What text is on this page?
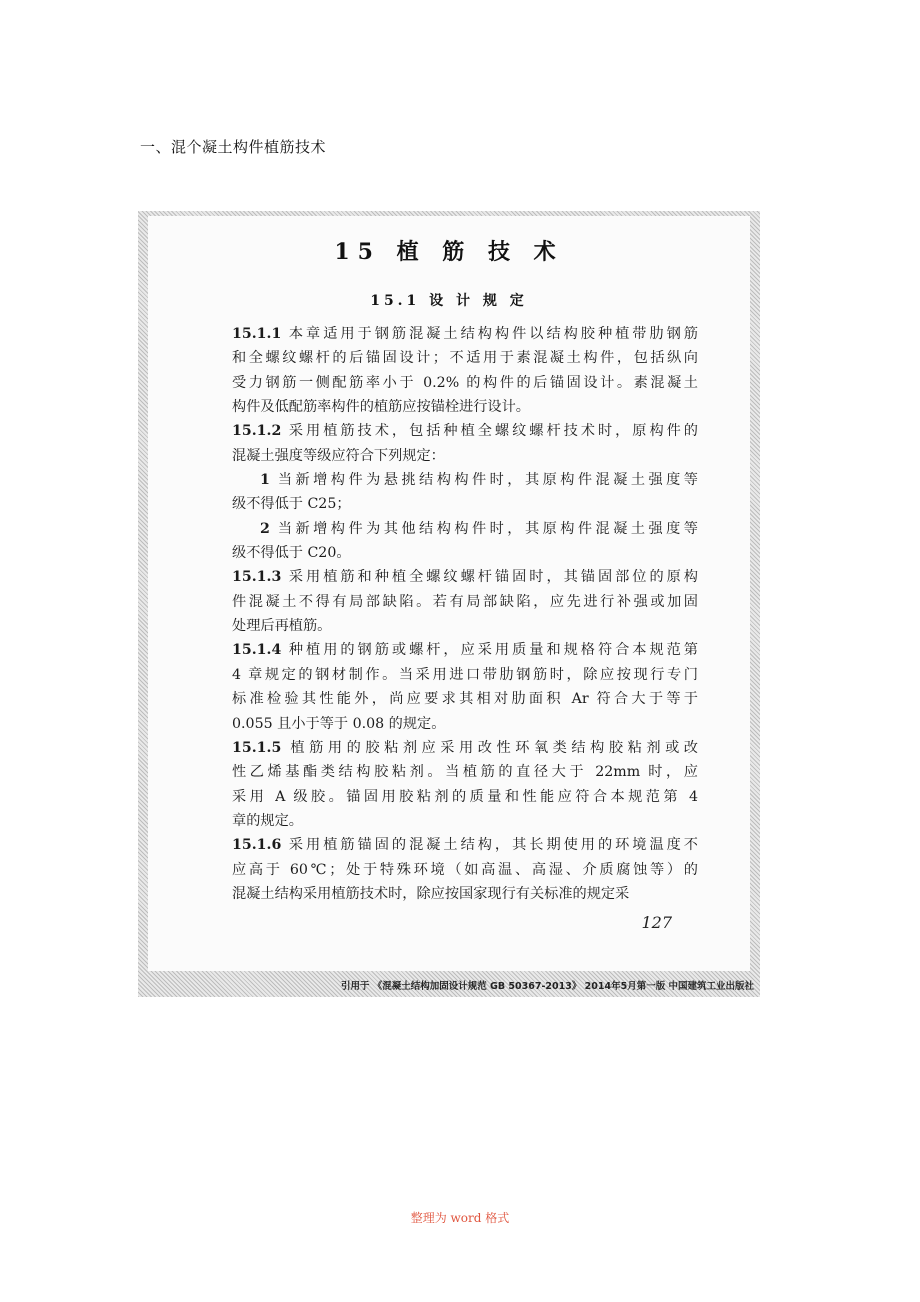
一、混个凝土构件植筋技术
15 植 筋 技 术
15.1 设 计 规 定
15.1.1 本章适用于钢筋混凝土结构构件以结构胶种植带肋钢筋
和全螺纹螺杆的后锚固设计；不适用于素混凝土构件，包括纵向
受力钢筋一侧配筋率小于 0.2% 的构件的后锚固设计。素混凝土
构件及低配筋率构件的植筋应按锚栓进行设计。
15.1.2 采用植筋技术，包括种植全螺纹螺杆技术时，原构件的
混凝土强度等级应符合下列规定：
1 当新增构件为悬挑结构构件时，其原构件混凝土强度等
级不得低于 C25；
2 当新增构件为其他结构构件时，其原构件混凝土强度等
级不得低于 C20。
15.1.3 采用植筋和种植全螺纹螺杆锚固时，其锚固部位的原构
件混凝土不得有局部缺陷。若有局部缺陷，应先进行补强或加固
处理后再植筋。
15.1.4 种植用的钢筋或螺杆，应采用质量和规格符合本规范第
4 章规定的钢材制作。当采用进口带肋钢筋时，除应按现行专门
标准检验其性能外，尚应要求其相对肋面积 Ar 符合大于等于
0.055 且小于等于 0.08 的规定。
15.1.5 植筋用的胶粘剂应采用改性环氧类结构胶粘剂或改
性乙烯基酯类结构胶粘剂。当植筋的直径大于 22mm 时，应
采用 A 级胶。锚固用胶粘剂的质量和性能应符合本规范第 4
章的规定。
15.1.6 采用植筋锚固的混凝土结构，其长期使用的环境温度不
应高于 60℃；处于特殊环境（如高温、高湿、介质腐蚀等）的
混凝土结构采用植筋技术时，除应按国家现行有关标准的规定采
127
引用于 《混凝土结构加固设计规范 GB 50367-2013》 2014年5月第一版 中国建筑工业出版社
整理为 word 格式
